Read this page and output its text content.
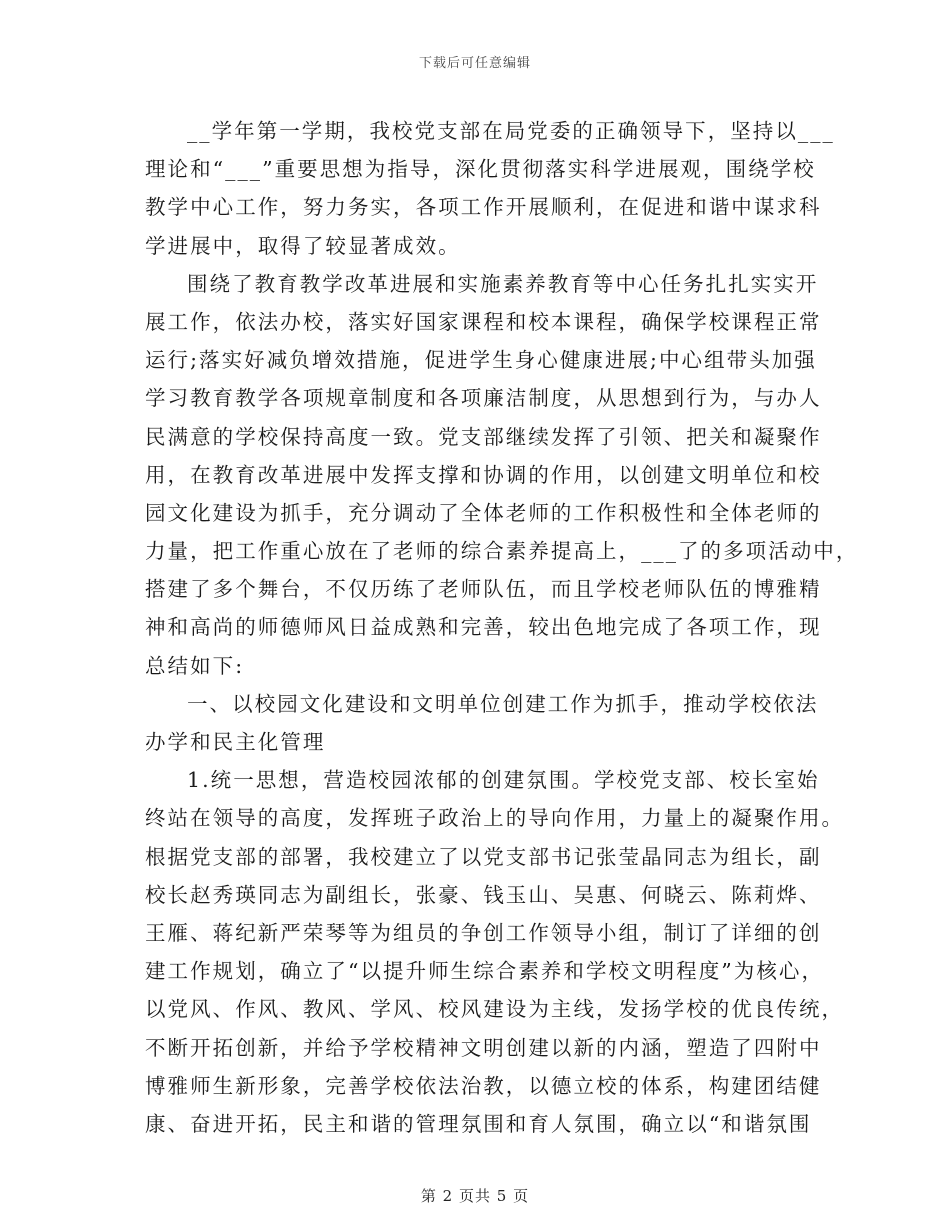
下载后可任意编辑
__学年第一学期，我校党支部在局党委的正确领导下，坚持以___
理论和“___”重要思想为指导，深化贯彻落实科学进展观，围绕学校
教学中心工作，努力务实，各项工作开展顺利，在促进和谐中谋求科
学进展中，取得了较显著成效。
围绕了教育教学改革进展和实施素养教育等中心任务扎扎实实开
展工作，依法办校，落实好国家课程和校本课程，确保学校课程正常
运行;落实好减负增效措施，促进学生身心健康进展;中心组带头加强
学习教育教学各项规章制度和各项廉洁制度，从思想到行为，与办人
民满意的学校保持高度一致。党支部继续发挥了引领、把关和凝聚作
用，在教育改革进展中发挥支撑和协调的作用，以创建文明单位和校
园文化建设为抓手，充分调动了全体老师的工作积极性和全体老师的
力量，把工作重心放在了老师的综合素养提高上，___了的多项活动中，
搭建了多个舞台，不仅历练了老师队伍，而且学校老师队伍的博雅精
神和高尚的师德师风日益成熟和完善，较出色地完成了各项工作，现
总结如下:
一、以校园文化建设和文明单位创建工作为抓手，推动学校依法
办学和民主化管理
1.统一思想，营造校园浓郁的创建氛围。学校党支部、校长室始
终站在领导的高度，发挥班子政治上的导向作用，力量上的凝聚作用。
根据党支部的部署，我校建立了以党支部书记张莹晶同志为组长，副
校长赵秀瑛同志为副组长，张豪、钱玉山、吴惠、何晓云、陈莉烨、
王雁、蒋纪新严荣琴等为组员的争创工作领导小组，制订了详细的创
建工作规划，确立了“以提升师生综合素养和学校文明程度”为核心，
以党风、作风、教风、学风、校风建设为主线，发扬学校的优良传统，
不断开拓创新，并给予学校精神文明创建以新的内涵，塑造了四附中
博雅师生新形象，完善学校依法治教，以德立校的体系，构建团结健
康、奋进开拓，民主和谐的管理氛围和育人氛围，确立以“和谐氛围
第 2 页共 5 页
